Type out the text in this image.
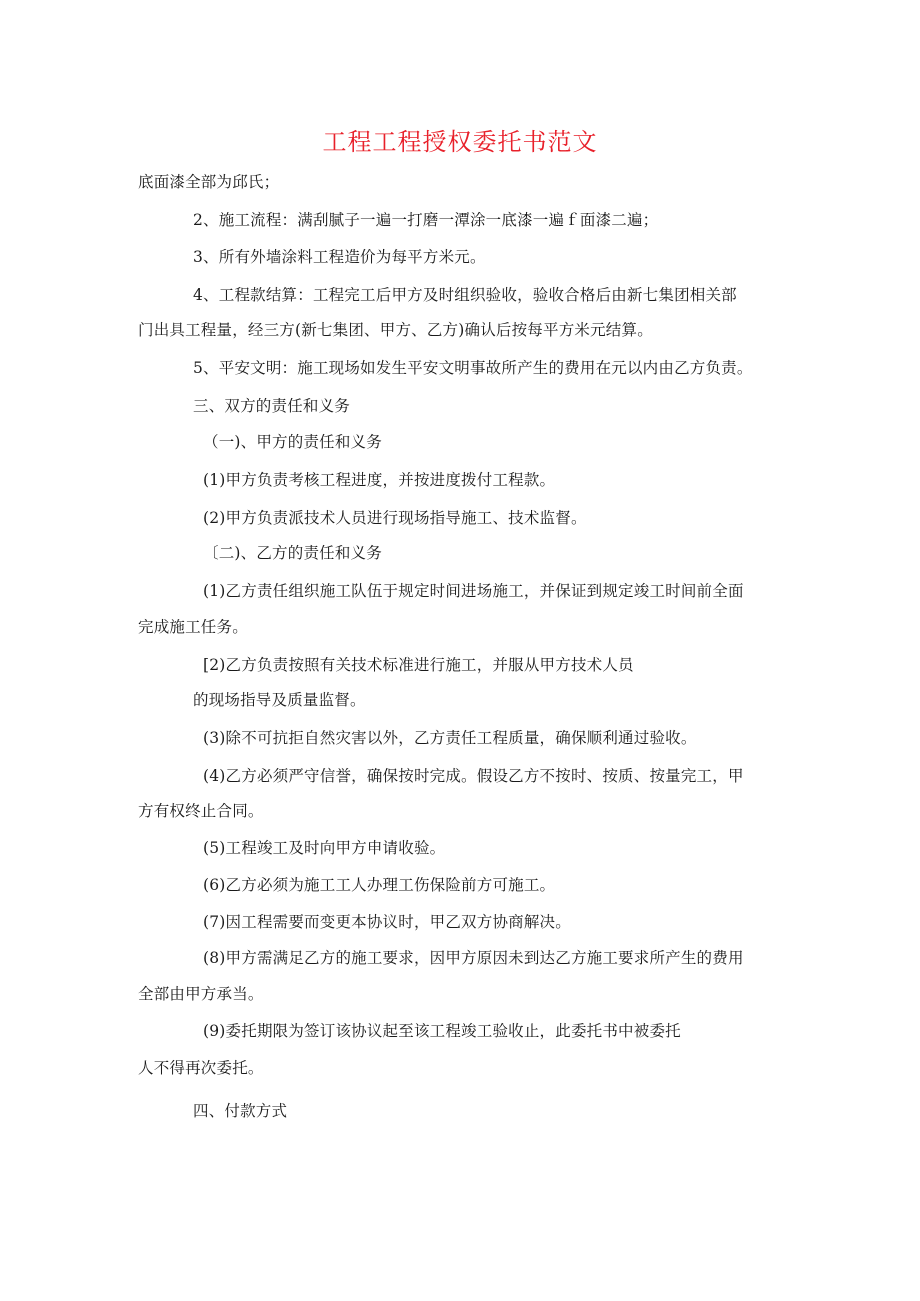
工程工程授权委托书范文
底面漆全部为邱氏；
2、施工流程：满刮腻子一遍一打磨一潭涂一底漆一遍ｆ面漆二遍；
3、所有外墙涂料工程造价为每平方米元。
4、工程款结算：工程完工后甲方及时组织验收，验收合格后由新七集团相关部
门出具工程量，经三方(新七集团、甲方、乙方)确认后按每平方米元结算。
5、平安文明：施工现场如发生平安文明事故所产生的费用在元以内由乙方负责。
三、双方的责任和义务
（一)、甲方的责任和义务
(1)甲方负责考核工程进度，并按进度拨付工程款。
(2)甲方负责派技术人员进行现场指导施工、技术监督。
〔二)、乙方的责任和义务
(1)乙方责任组织施工队伍于规定时间进场施工，并保证到规定竣工时间前全面
完成施工任务。
[2)乙方负责按照有关技术标准进行施工，并服从甲方技术人员
的现场指导及质量监督。
(3)除不可抗拒自然灾害以外，乙方责任工程质量，确保顺利通过验收。
(4)乙方必须严守信誉，确保按时完成。假设乙方不按时、按质、按量完工，甲
方有权终止合同。
(5)工程竣工及时向甲方申请收验。
(6)乙方必须为施工工人办理工伤保险前方可施工。
(7)因工程需要而变更本协议时，甲乙双方协商解决。
(8)甲方需满足乙方的施工要求，因甲方原因未到达乙方施工要求所产生的费用
全部由甲方承当。
(9)委托期限为签订该协议起至该工程竣工验收止，此委托书中被委托
人不得再次委托。
四、付款方式
